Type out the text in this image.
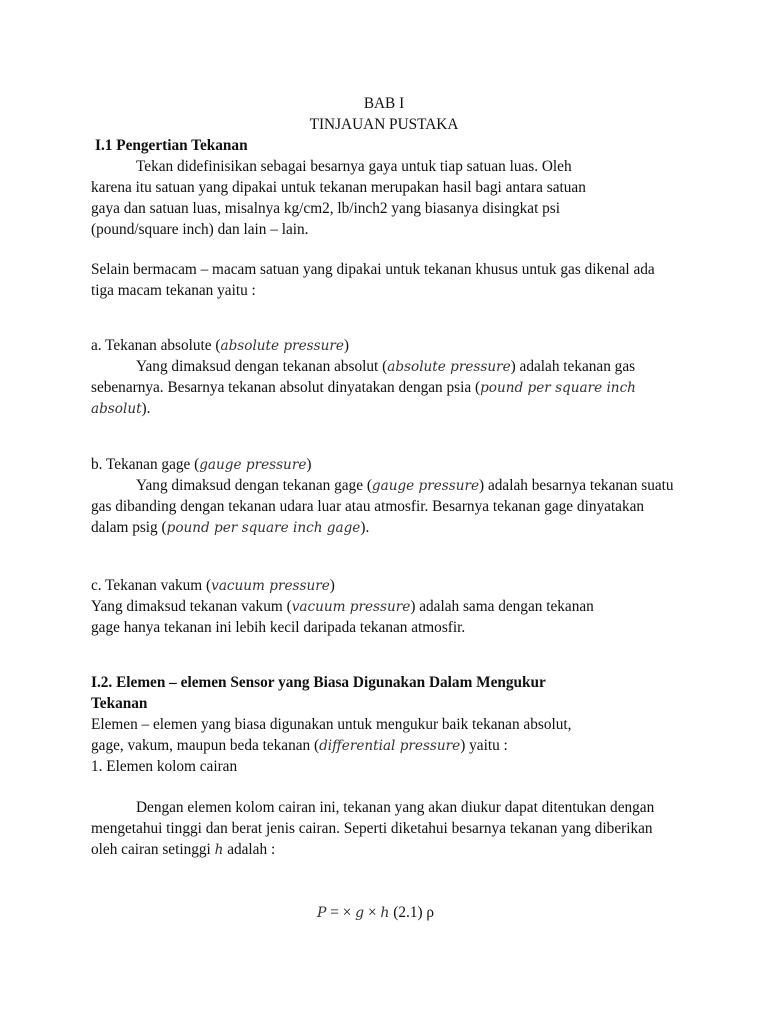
BAB I
TINJAUAN PUSTAKA
I.1 Pengertian Tekanan
Tekan didefinisikan sebagai besarnya gaya untuk tiap satuan luas. Oleh
karena itu satuan yang dipakai untuk tekanan merupakan hasil bagi antara satuan
gaya dan satuan luas, misalnya kg/cm2, lb/inch2 yang biasanya disingkat psi
(pound/square inch) dan lain – lain.
Selain bermacam – macam satuan yang dipakai untuk tekanan khusus untuk gas dikenal ada
tiga macam tekanan yaitu :
a. Tekanan absolute (absolute pressure)
Yang dimaksud dengan tekanan absolut (absolute pressure) adalah tekanan gas
sebenarnya. Besarnya tekanan absolut dinyatakan dengan psia (pound per square inch
absolut).
b. Tekanan gage (gauge pressure)
Yang dimaksud dengan tekanan gage (gauge pressure) adalah besarnya tekanan suatu
gas dibanding dengan tekanan udara luar atau atmosfir. Besarnya tekanan gage dinyatakan
dalam psig (pound per square inch gage).
c. Tekanan vakum (vacuum pressure)
Yang dimaksud tekanan vakum (vacuum pressure) adalah sama dengan tekanan
gage hanya tekanan ini lebih kecil daripada tekanan atmosfir.
I.2. Elemen – elemen Sensor yang Biasa Digunakan Dalam Mengukur
Tekanan
Elemen – elemen yang biasa digunakan untuk mengukur baik tekanan absolut,
gage, vakum, maupun beda tekanan (differential pressure) yaitu :
1. Elemen kolom cairan
Dengan elemen kolom cairan ini, tekanan yang akan diukur dapat ditentukan dengan
mengetahui tinggi dan berat jenis cairan. Seperti diketahui besarnya tekanan yang diberikan
oleh cairan setinggi h adalah :
P = × g × h (2.1) ρ
